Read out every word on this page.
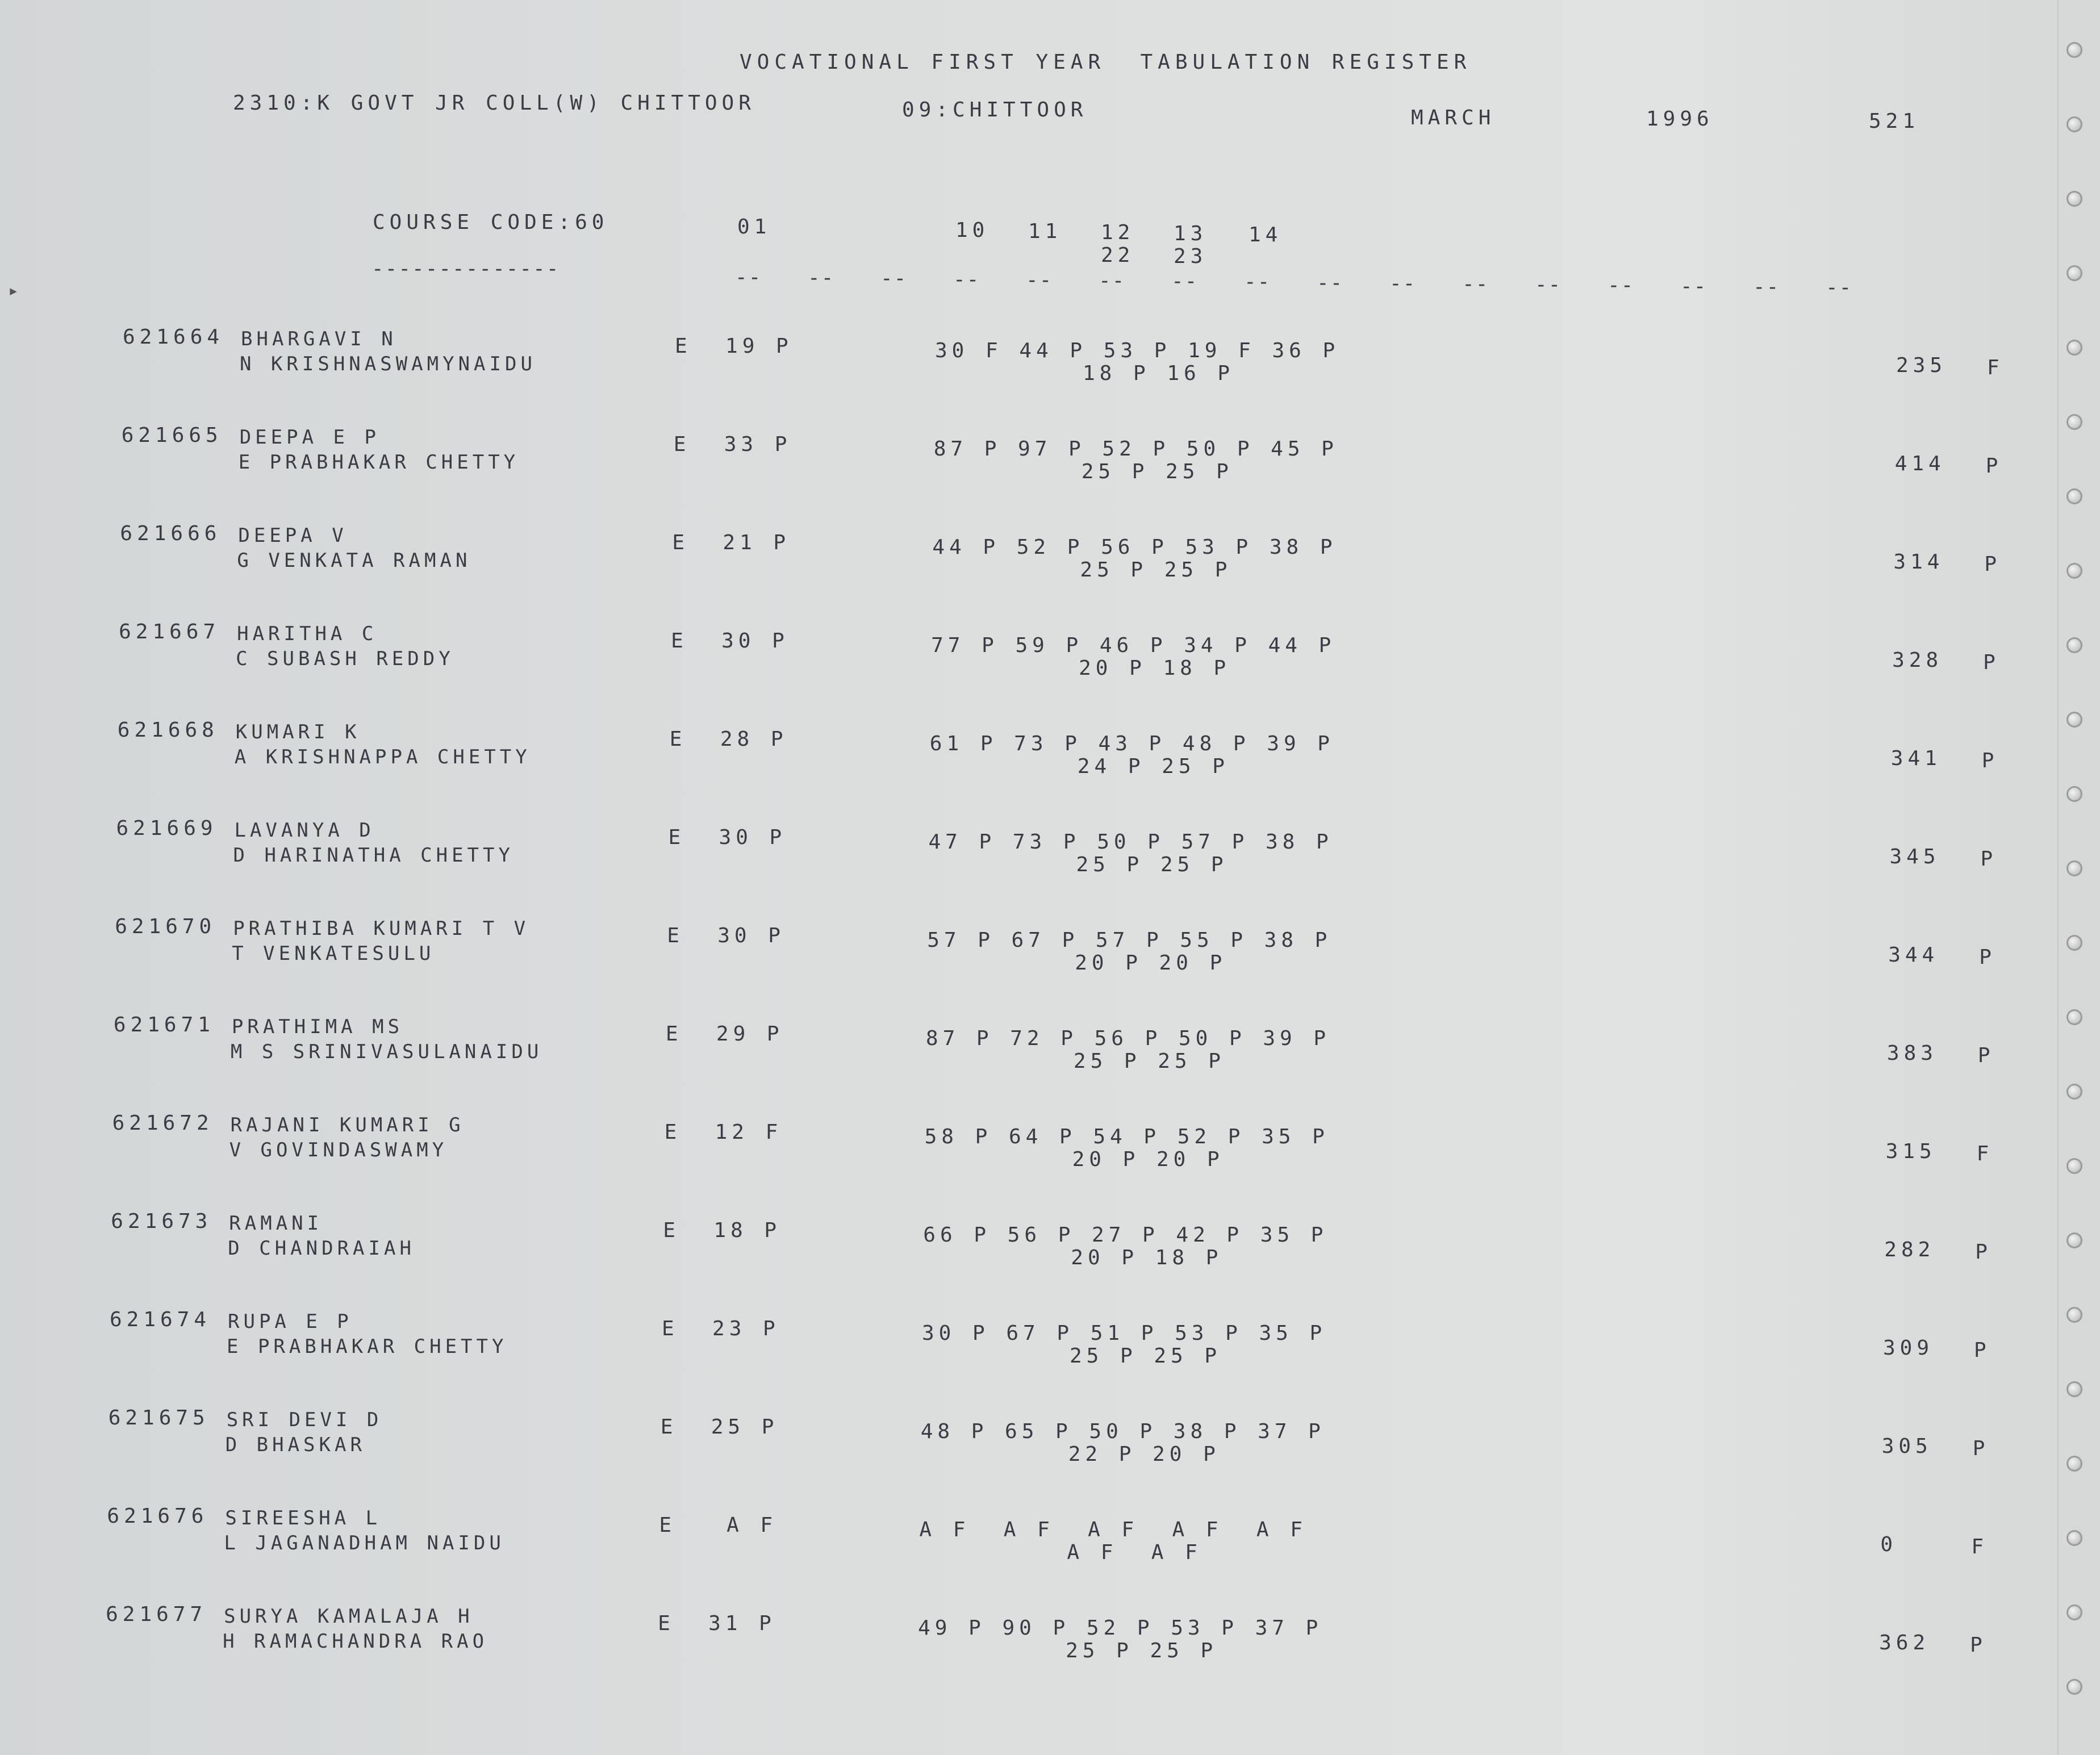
▸
VOCATIONAL FIRST YEAR  TABULATION REGISTER
2310:K GOVT JR COLL(W) CHITTOOR	09:CHITTOOR	MARCH	1996	521
COURSE CODE:60
--------------
01	10 11 12 13 14
22 23
-- -- -- -- -- -- -- -- -- -- -- -- -- -- -- --
621664 BHARGAVI N
N KRISHNASWAMYNAIDU
E  19 P	30 F 44 P 53 P 19 F 36 P
18 P 16 P	235 F
621665 DEEPA E P
E PRABHAKAR CHETTY
E  33 P	87 P 97 P 52 P 50 P 45 P
25 P 25 P	414 P
621666 DEEPA V
G VENKATA RAMAN
E  21 P	44 P 52 P 56 P 53 P 38 P
25 P 25 P	314 P
621667 HARITHA C
C SUBASH REDDY
E  30 P	77 P 59 P 46 P 34 P 44 P
20 P 18 P	328 P
621668 KUMARI K
A KRISHNAPPA CHETTY
E  28 P	61 P 73 P 43 P 48 P 39 P
24 P 25 P	341 P
621669 LAVANYA D
D HARINATHA CHETTY
E  30 P	47 P 73 P 50 P 57 P 38 P
25 P 25 P	345 P
621670 PRATHIBA KUMARI T V
T VENKATESULU
E  30 P	57 P 67 P 57 P 55 P 38 P
20 P 20 P	344 P
621671 PRATHIMA MS
M S SRINIVASULANAIDU
E  29 P	87 P 72 P 56 P 50 P 39 P
25 P 25 P	383 P
621672 RAJANI KUMARI G
V GOVINDASWAMY
E  12 F	58 P 64 P 54 P 52 P 35 P
20 P 20 P	315 F
621673 RAMANI
D CHANDRAIAH
E  18 P	66 P 56 P 27 P 42 P 35 P
20 P 18 P	282 P
621674 RUPA E P
E PRABHAKAR CHETTY
E  23 P	30 P 67 P 51 P 53 P 35 P
25 P 25 P	309 P
621675 SRI DEVI D
D BHASKAR
E  25 P	48 P 65 P 50 P 38 P 37 P
22 P 20 P	305 P
621676 SIREESHA L
L JAGANADHAM NAIDU
E   A F	A F  A F  A F  A F  A F
A F  A F	0	F
621677 SURYA KAMALAJA H
H RAMACHANDRA RAO
E  31 P	49 P 90 P 52 P 53 P 37 P
25 P 25 P	362 P
